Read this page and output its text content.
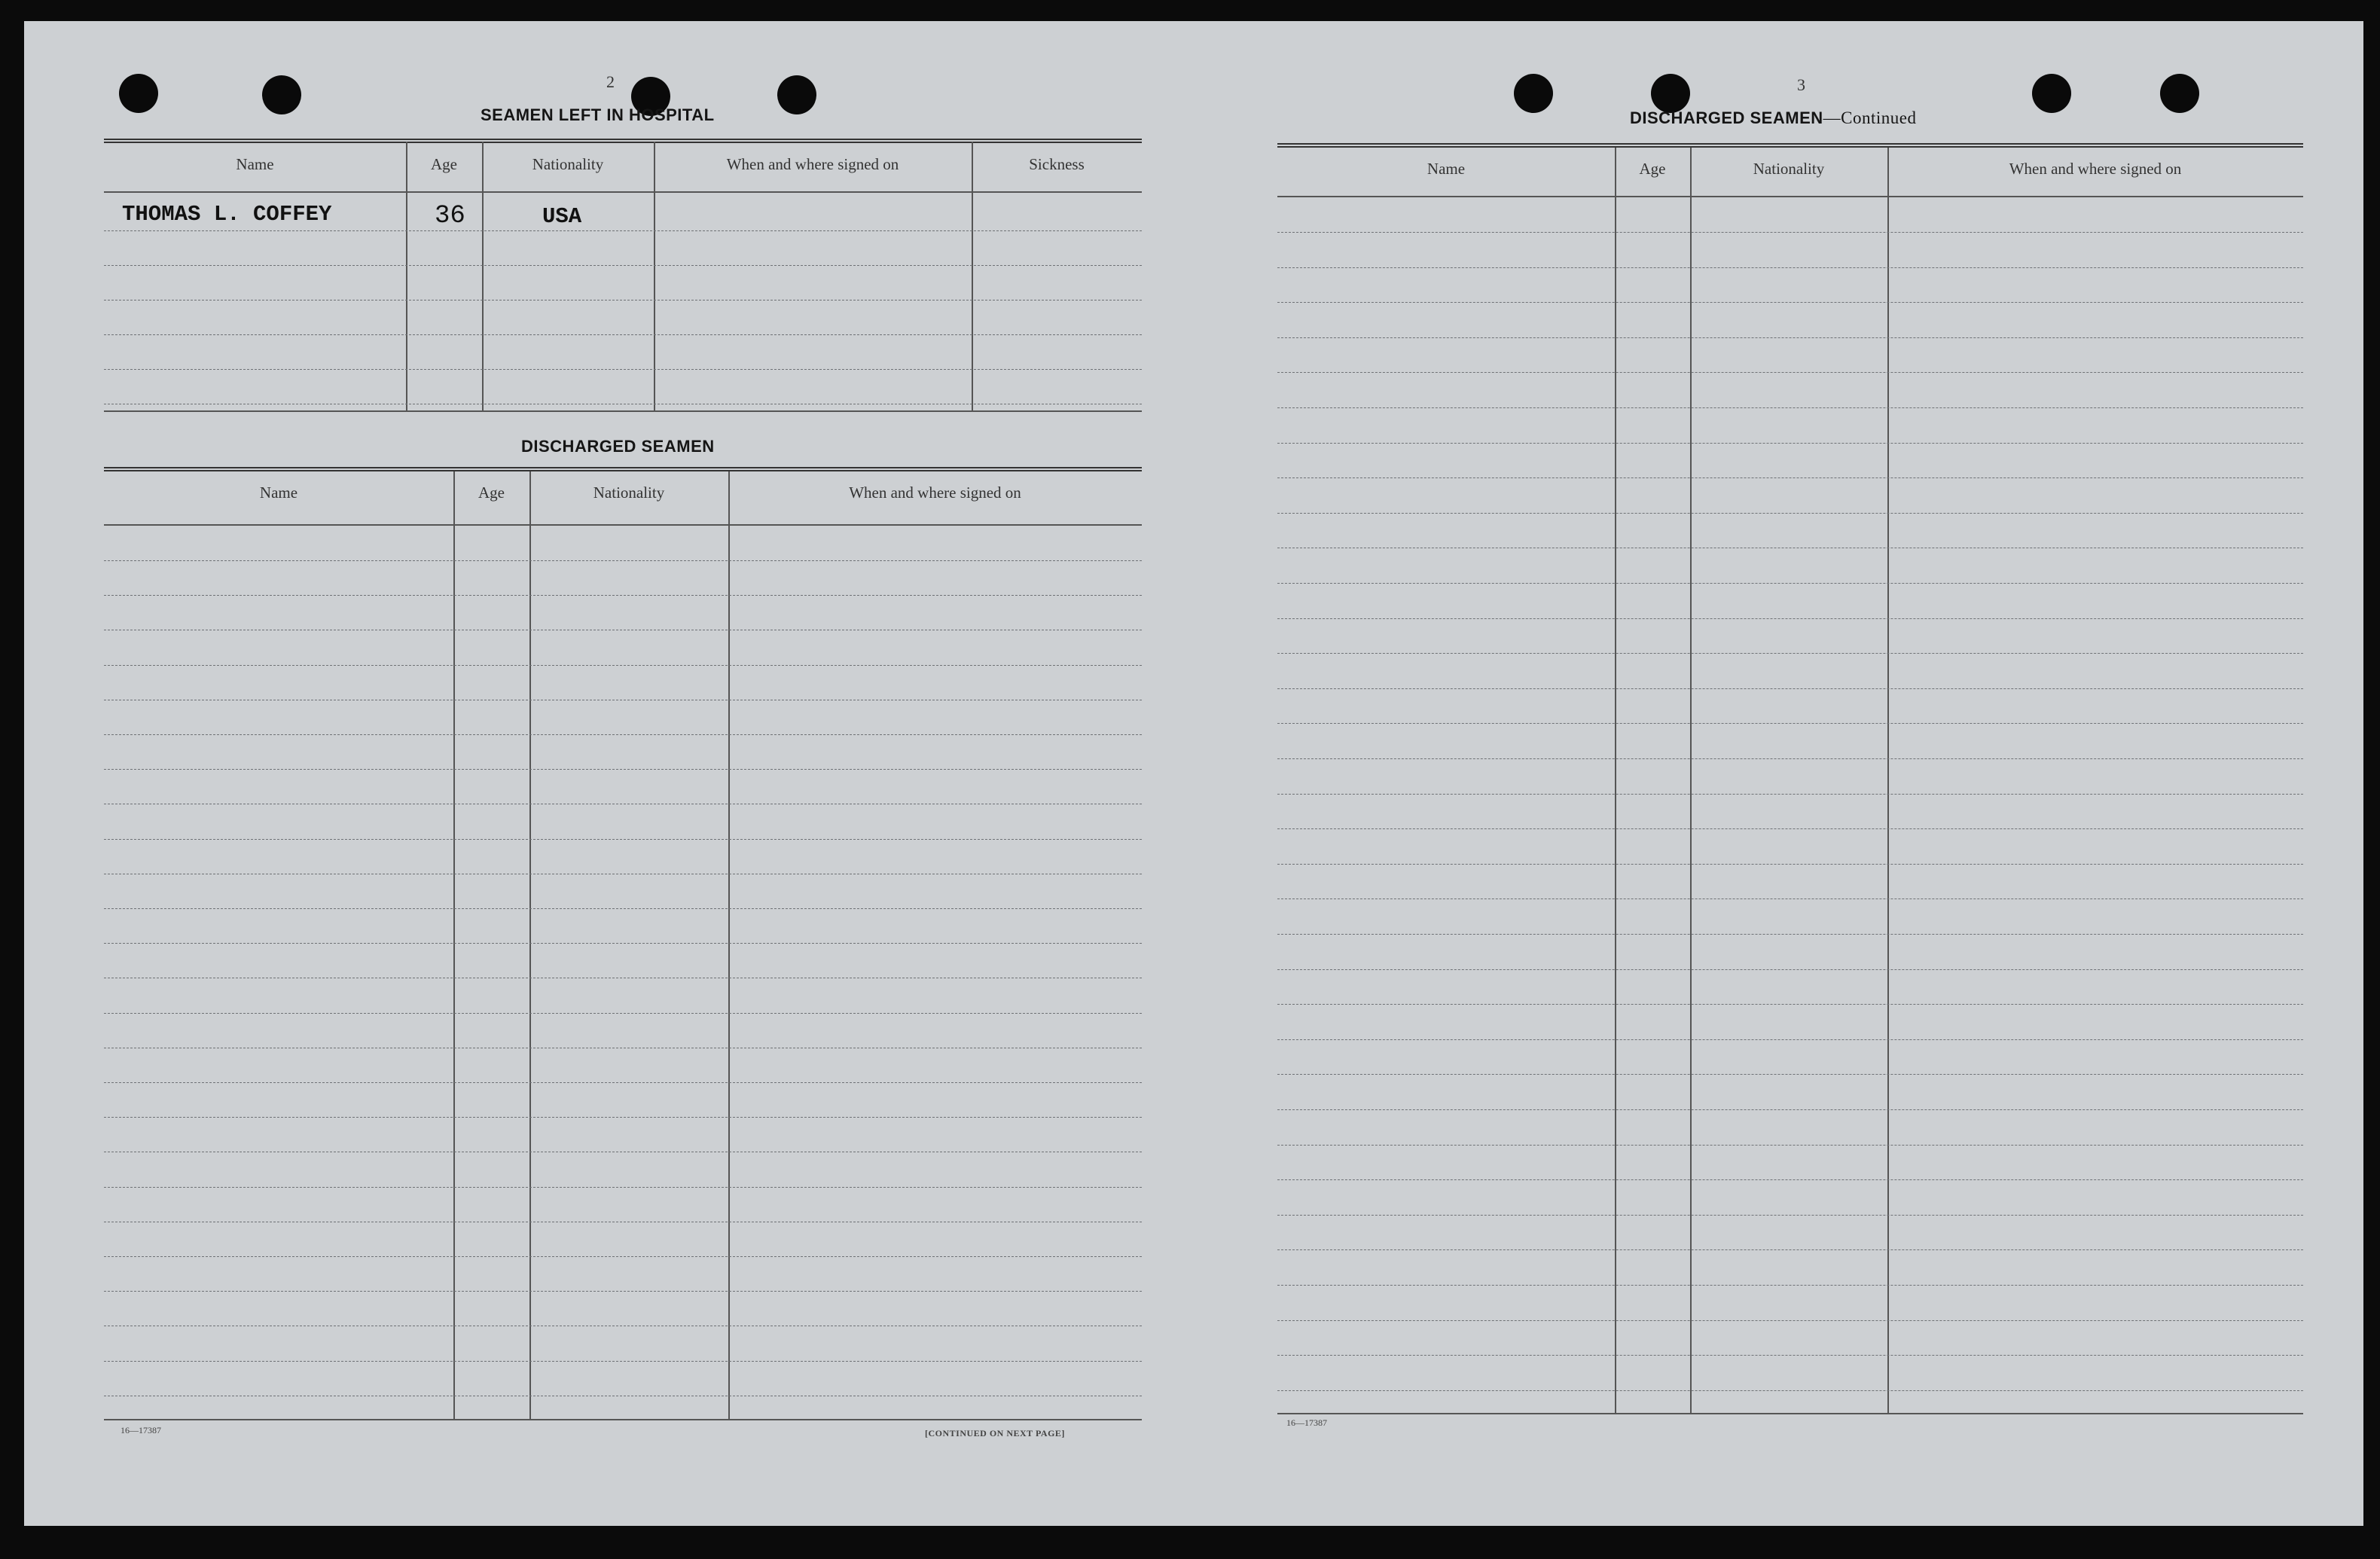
2
SEAMEN LEFT IN HOSPITAL
Name	Age	Nationality	When and where signed on	Sickness
THOMAS L. COFFEY	36	USA
DISCHARGED SEAMEN
Name	Age	Nationality	When and where signed on
16—17387	[CONTINUED ON NEXT PAGE]
3
DISCHARGED SEAMEN—Continued
Name	Age	Nationality	When and where signed on
16—17387
